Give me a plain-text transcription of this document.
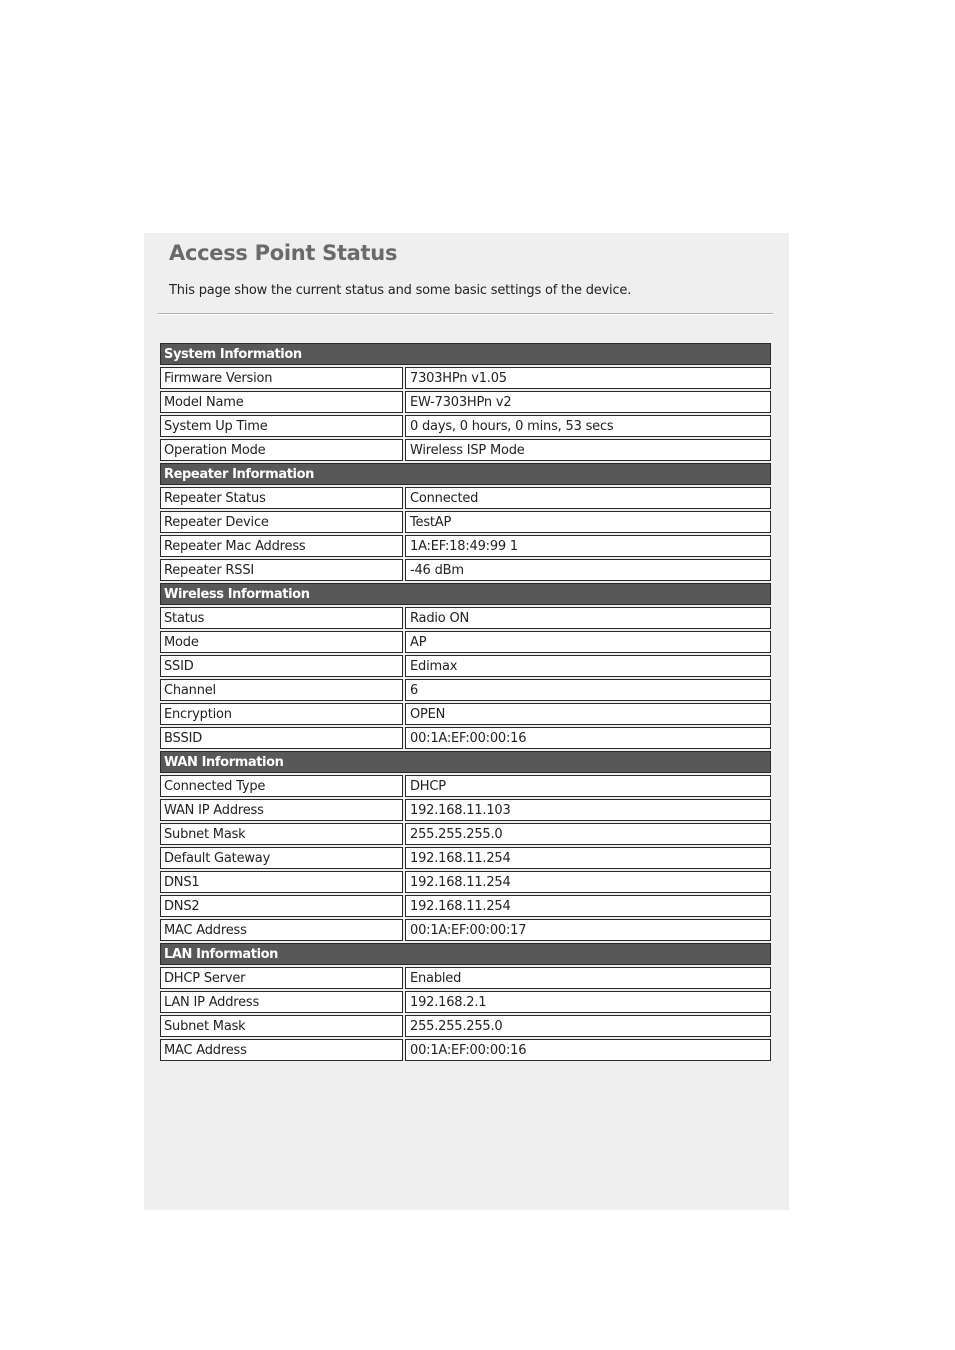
Access Point Status
This page show the current status and some basic settings of the device.
System Information	
Firmware Version	7303HPn v1.05
Model Name	EW-7303HPn v2
System Up Time	0 days, 0 hours, 0 mins, 53 secs
Operation Mode	Wireless ISP Mode
Repeater Information	
Repeater Status	Connected
Repeater Device	TestAP
Repeater Mac Address	1A:EF:18:49:99 1
Repeater RSSI	-46 dBm
Wireless Information	
Status	Radio ON
Mode	AP
SSID	Edimax
Channel	6
Encryption	OPEN
BSSID	00:1A:EF:00:00:16
WAN Information	
Connected Type	DHCP
WAN IP Address	192.168.11.103
Subnet Mask	255.255.255.0
Default Gateway	192.168.11.254
DNS1	192.168.11.254
DNS2	192.168.11.254
MAC Address	00:1A:EF:00:00:17
LAN Information	
DHCP Server	Enabled
LAN IP Address	192.168.2.1
Subnet Mask	255.255.255.0
MAC Address	00:1A:EF:00:00:16
